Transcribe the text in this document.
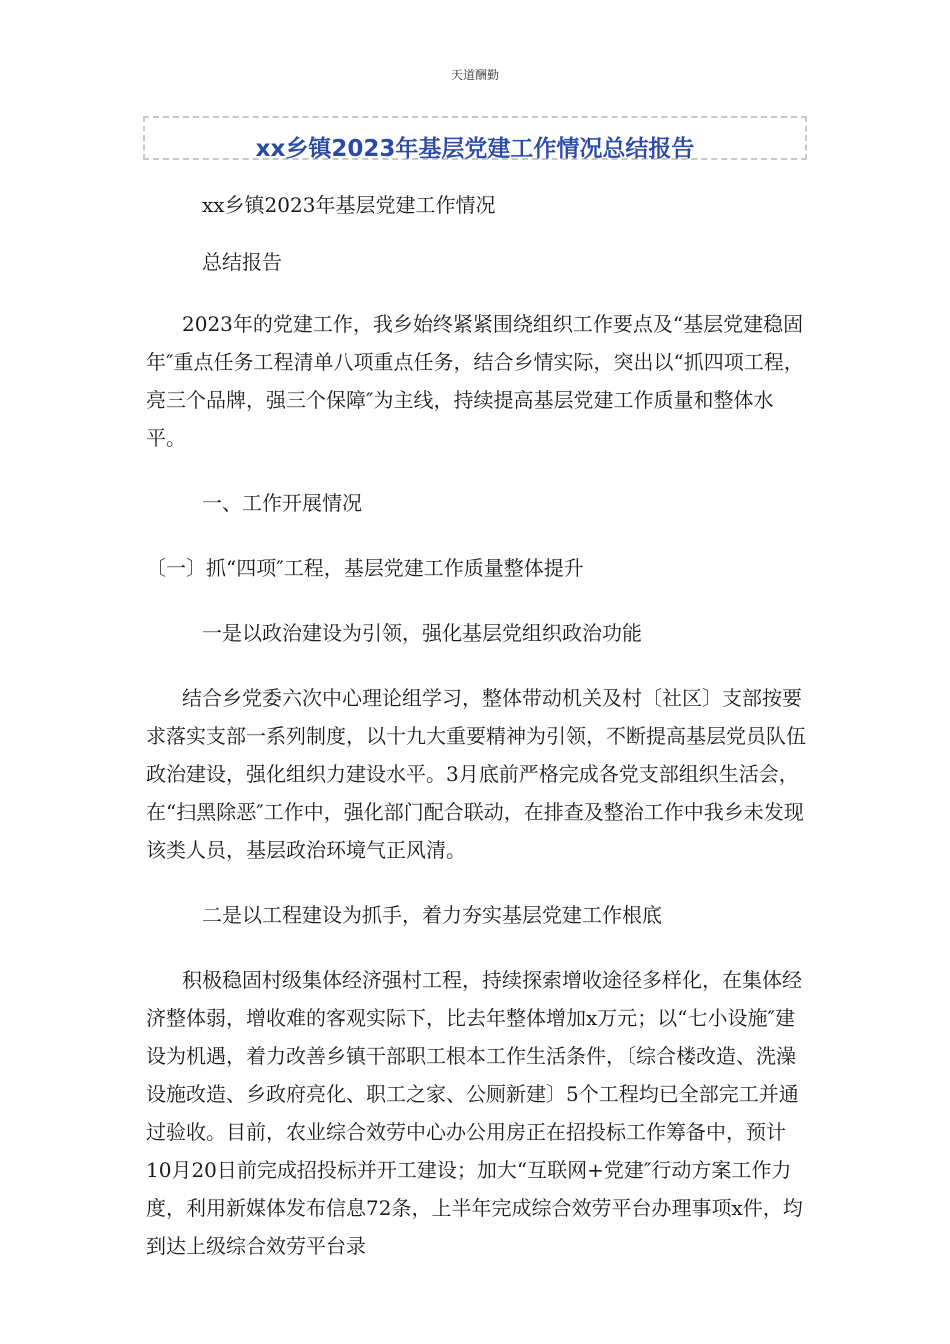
天道酬勤
xx乡镇2023年基层党建工作情况总结报告

xx乡镇2023年基层党建工作情况

总结报告

2023年的党建工作，我乡始终紧紧围绕组织工作要点及“基层党建稳固年″重点任务工程清单八项重点任务，结合乡情实际，突出以“抓四项工程，亮三个品牌，强三个保障″为主线，持续提高基层党建工作质量和整体水平。

一、工作开展情况

〔一〕抓“四项″工程，基层党建工作质量整体提升

一是以政治建设为引领，强化基层党组织政治功能

结合乡党委六次中心理论组学习，整体带动机关及村〔社区〕支部按要求落实支部一系列制度，以十九大重要精神为引领，不断提高基层党员队伍政治建设，强化组织力建设水平。3月底前严格完成各党支部组织生活会，在“扫黑除恶″工作中，强化部门配合联动，在排查及整治工作中我乡未发现该类人员，基层政治环境气正风清。

二是以工程建设为抓手，着力夯实基层党建工作根底

积极稳固村级集体经济强村工程，持续探索增收途径多样化，在集体经济整体弱，增收难的客观实际下，比去年整体增加x万元；以“七小设施″建设为机遇，着力改善乡镇干部职工根本工作生活条件，〔综合楼改造、洗澡设施改造、乡政府亮化、职工之家、公厕新建〕5个工程均已全部完工并通过验收。目前，农业综合效劳中心办公用房正在招投标工作筹备中，预计10月20日前完成招投标并开工建设；加大“互联网+党建″行动方案工作力度，利用新媒体发布信息72条，上半年完成综合效劳平台办理事项x件，均到达上级综合效劳平台录
